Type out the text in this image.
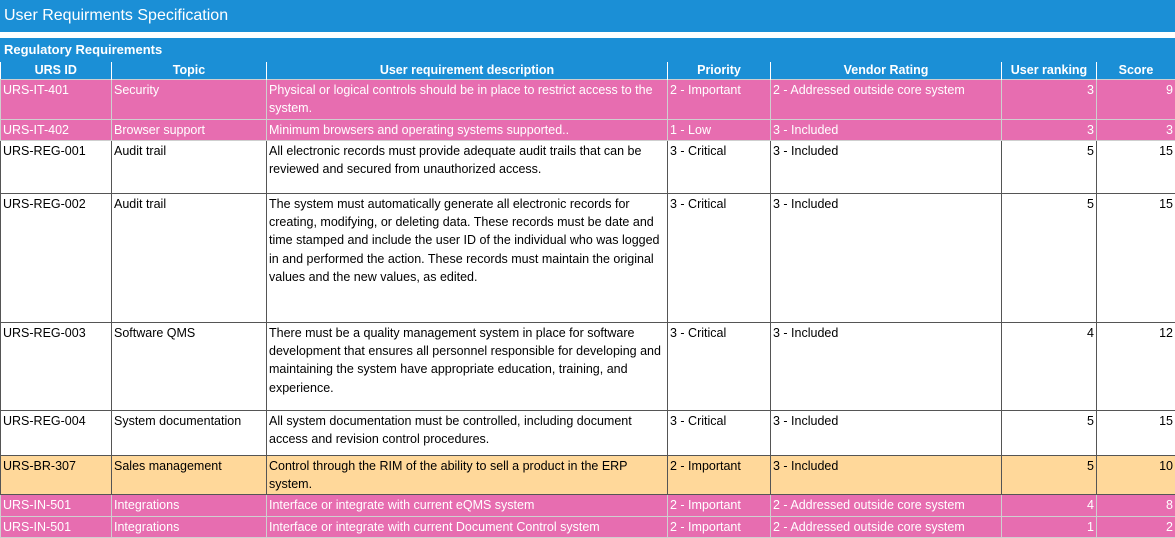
User Requirments Specification
Regulatory Requirements
URS ID	Topic	User requirement description	Priority	Vendor Rating	User ranking	Score
URS-IT-401	Security	Physical or logical controls should be in place to restrict access to the system.	2 - Important	2 - Addressed outside core system	3	9
URS-IT-402	Browser support	Minimum browsers and operating systems supported..	1 - Low	3 - Included	3	3
URS-REG-001	Audit trail	All electronic records must provide adequate audit trails that can be reviewed and secured from unauthorized access.	3 - Critical	3 - Included	5	15
URS-REG-002	Audit trail	The system must automatically generate all electronic records for creating, modifying, or deleting data. These records must be date and time stamped and include the user ID of the individual who was logged in and performed the action. These records must maintain the original values and the new values, as edited.	3 - Critical	3 - Included	5	15
URS-REG-003	Software QMS	There must be a quality management system in place for software development that ensures all personnel responsible for developing and maintaining the system have appropriate education, training, and experience.	3 - Critical	3 - Included	4	12
URS-REG-004	System documentation	All system documentation must be controlled, including document access and revision control procedures.	3 - Critical	3 - Included	5	15
URS-BR-307	Sales management	Control through the RIM of the ability to sell a product in the ERP system.	2 - Important	3 - Included	5	10
URS-IN-501	Integrations	Interface or integrate with current eQMS system	2 - Important	2 - Addressed outside core system	4	8
URS-IN-501	Integrations	Interface or integrate with current Document Control system	2 - Important	2 - Addressed outside core system	1	2
